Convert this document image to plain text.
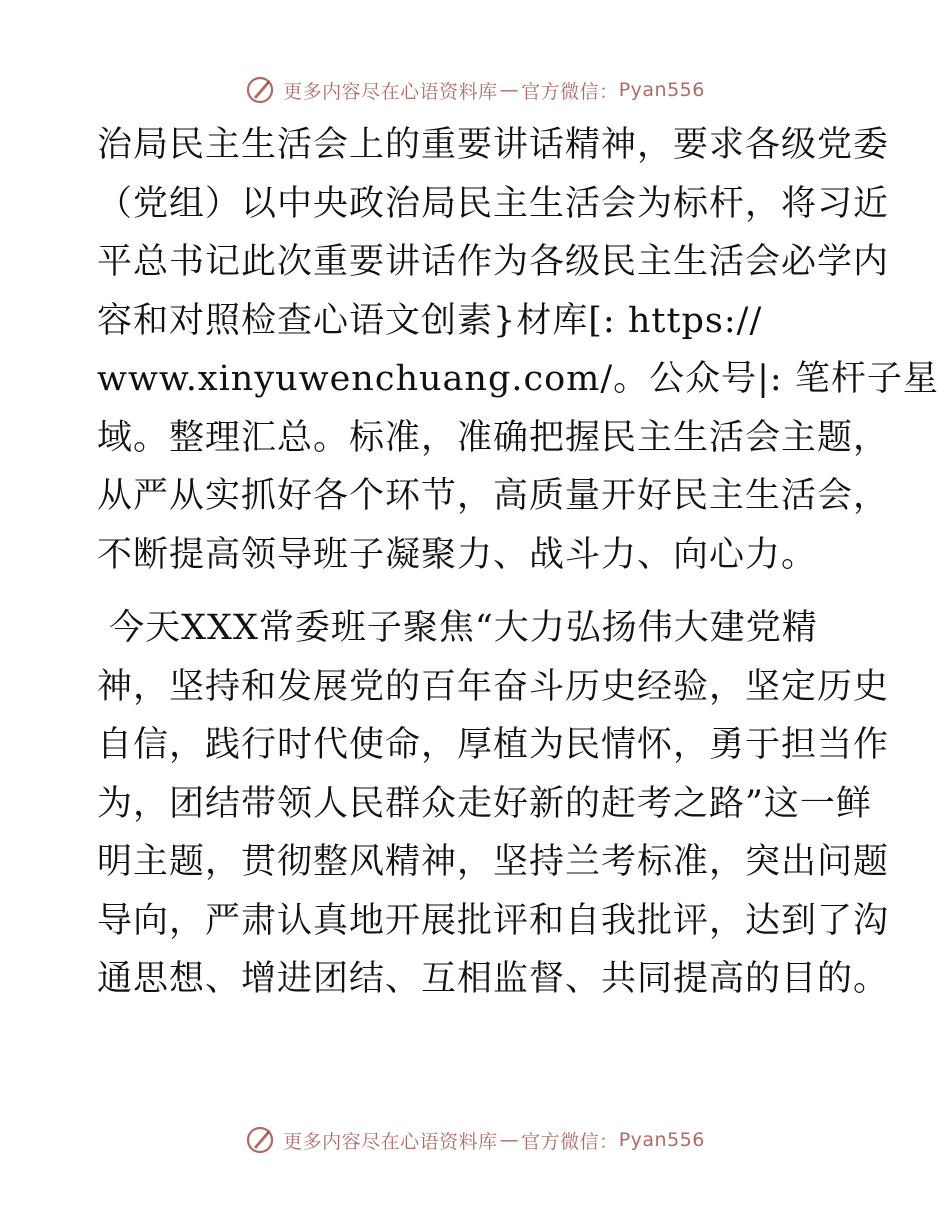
更多内容尽在心语资料库 — 官方微信： Pyan556
治局民主生活会上的重要讲话精神，要求各级党委
（党组）以中央政治局民主生活会为标杆，将习近
平总书记此次重要讲话作为各级民主生活会必学内
容和对照检查心语文创素}材库[: https://
www.xinyuwenchuang.com/。公众号|: 笔杆子星
域。整理汇总。标准，准确把握民主生活会主题，
从严从实抓好各个环节，高质量开好民主生活会，
不断提高领导班子凝聚力、战斗力、向心力。
今天XXX常委班子聚焦“大力弘扬伟大建党精
神，坚持和发展党的百年奋斗历史经验，坚定历史
自信，践行时代使命，厚植为民情怀，勇于担当作
为，团结带领人民群众走好新的赶考之路”这一鲜
明主题，贯彻整风精神，坚持兰考标准，突出问题
导向，严肃认真地开展批评和自我批评，达到了沟
通思想、增进团结、互相监督、共同提高的目的。
更多内容尽在心语资料库 — 官方微信： Pyan556
